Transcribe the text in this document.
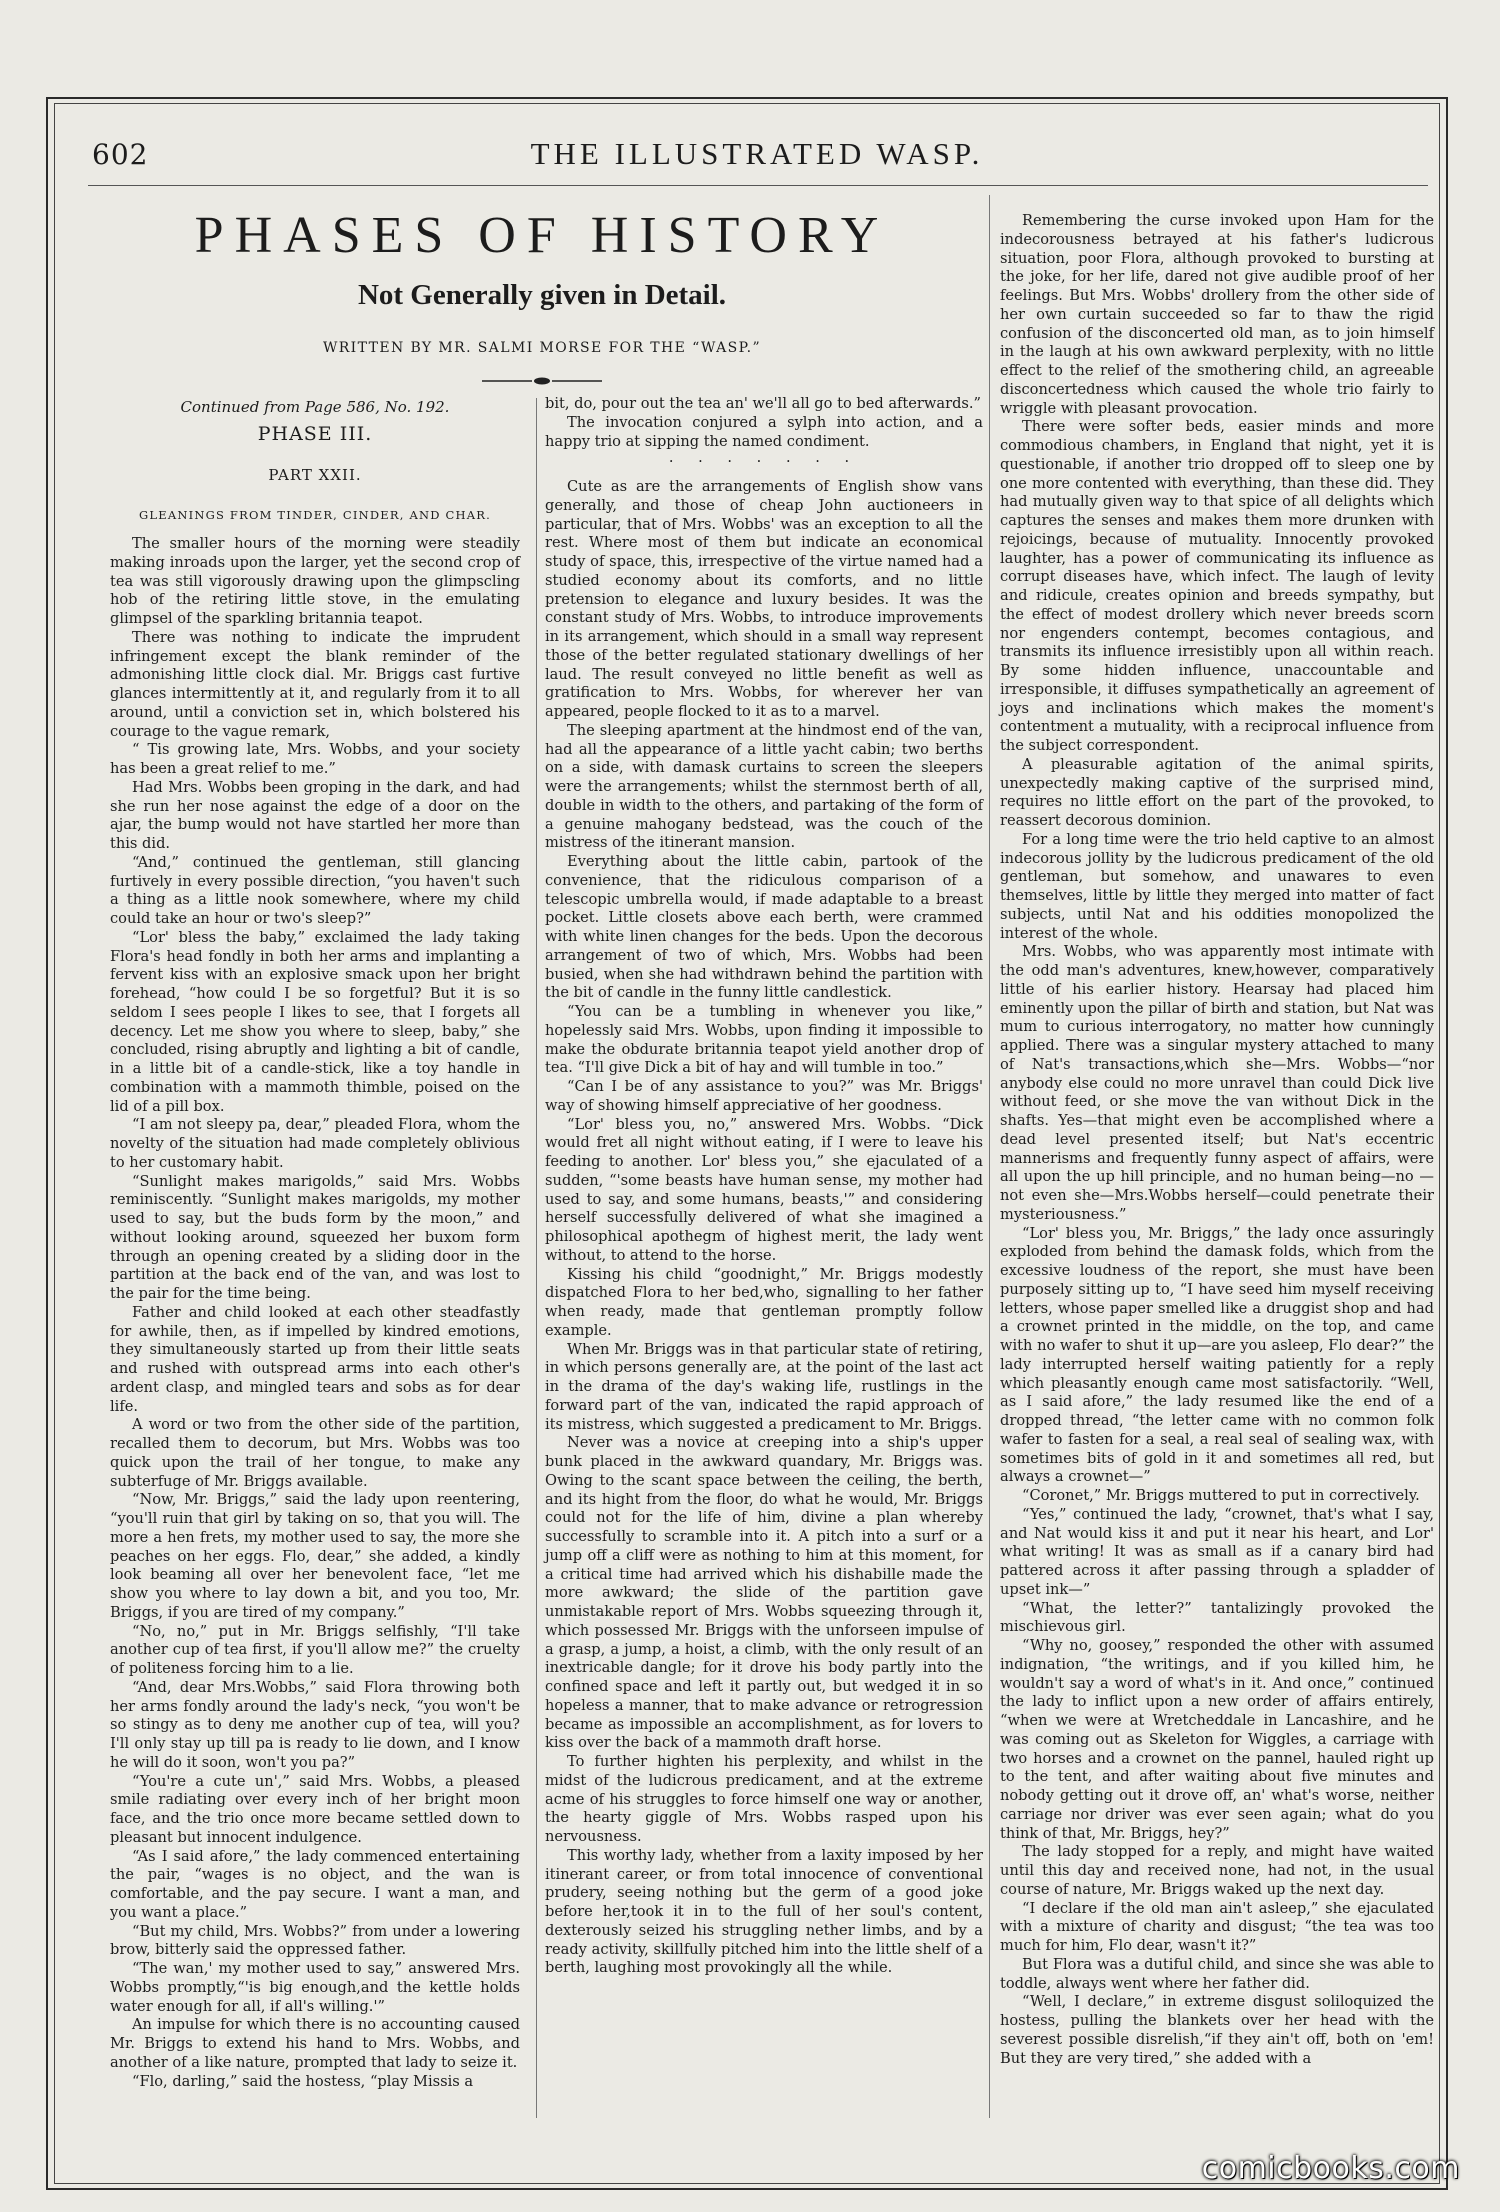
602	THE ILLUSTRATED WASP.
PHASES OF HISTORY
Not Generally given in Detail.
WRITTEN BY MR. SALMI MORSE FOR THE “WASP.”

Continued from Page 586, No. 192.

PHASE III.

PART XXII.

GLEANINGS FROM TINDER, CINDER, AND CHAR.

The smaller hours of the morning were steadily making inroads upon the larger, yet the second crop of tea was still vigorously drawing upon the glimpscling hob of the retiring little stove, in the emulating glimpsel of the sparkling britannia teapot.

There was nothing to indicate the imprudent infringement except the blank reminder of the admonishing little clock dial. Mr. Briggs cast furtive glances intermittently at it, and regularly from it to all around, until a conviction set in, which bolstered his courage to the vague remark,

“ Tis growing late, Mrs. Wobbs, and your society has been a great relief to me.”

Had Mrs. Wobbs been groping in the dark, and had she run her nose against the edge of a door on the ajar, the bump would not have startled her more than this did.

“And,” continued the gentleman, still glancing furtively in every possible direction, “you haven't such a thing as a little nook somewhere, where my child could take an hour or two's sleep?”

“Lor' bless the baby,” exclaimed the lady taking Flora's head fondly in both her arms and implanting a fervent kiss with an explosive smack upon her bright forehead, “how could I be so forgetful? But it is so seldom I sees people I likes to see, that I forgets all decency. Let me show you where to sleep, baby,” she concluded, rising abruptly and lighting a bit of candle, in a little bit of a candle-stick, like a toy handle in combination with a mammoth thimble, poised on the lid of a pill box.

“I am not sleepy pa, dear,” pleaded Flora, whom the novelty of the situation had made completely oblivious to her customary habit.

“Sunlight makes marigolds,” said Mrs. Wobbs reminiscently. “Sunlight makes marigolds, my mother used to say, but the buds form by the moon,” and without looking around, squeezed her buxom form through an opening created by a sliding door in the partition at the back end of the van, and was lost to the pair for the time being.

Father and child looked at each other steadfastly for awhile, then, as if impelled by kindred emotions, they simultaneously started up from their little seats and rushed with outspread arms into each other's ardent clasp, and mingled tears and sobs as for dear life.

A word or two from the other side of the partition, recalled them to decorum, but Mrs. Wobbs was too quick upon the trail of her tongue, to make any subterfuge of Mr. Briggs available.

“Now, Mr. Briggs,” said the lady upon reentering, “you'll ruin that girl by taking on so, that you will. The more a hen frets, my mother used to say, the more she peaches on her eggs. Flo, dear,” she added, a kindly look beaming all over her benevolent face, “let me show you where to lay down a bit, and you too, Mr. Briggs, if you are tired of my company.”

“No, no,” put in Mr. Briggs selfishly, “I'll take another cup of tea first, if you'll allow me?” the cruelty of politeness forcing him to a lie.

“And, dear Mrs.Wobbs,” said Flora throwing both her arms fondly around the lady's neck, “you won't be so stingy as to deny me another cup of tea, will you? I'll only stay up till pa is ready to lie down, and I know he will do it soon, won't you pa?”

“You're a cute un',” said Mrs. Wobbs, a pleased smile radiating over every inch of her bright moon face, and the trio once more became settled down to pleasant but innocent indulgence.

“As I said afore,” the lady commenced entertaining the pair, “wages is no object, and the wan is comfortable, and the pay secure. I want a man, and you want a place.”

“But my child, Mrs. Wobbs?” from under a lowering brow, bitterly said the oppressed father.

“The wan,' my mother used to say,” answered Mrs. Wobbs promptly,“'is big enough,and the kettle holds water enough for all, if all's willing.'”

An impulse for which there is no accounting caused Mr. Briggs to extend his hand to Mrs. Wobbs, and another of a like nature, prompted that lady to seize it.

“Flo, darling,” said the hostess, “play Missis a

bit, do, pour out the tea an' we'll all go to bed afterwards.”

The invocation conjured a sylph into action, and a happy trio at sipping the named condiment.

· · · · · · ·

Cute as are the arrangements of English show vans generally, and those of cheap John auctioneers in particular, that of Mrs. Wobbs' was an exception to all the rest. Where most of them but indicate an economical study of space, this, irrespective of the virtue named had a studied economy about its comforts, and no little pretension to elegance and luxury besides. It was the constant study of Mrs. Wobbs, to introduce improvements in its arrangement, which should in a small way represent those of the better regulated stationary dwellings of her laud. The result conveyed no little benefit as well as gratification to Mrs. Wobbs, for wherever her van appeared, people flocked to it as to a marvel.

The sleeping apartment at the hindmost end of the van, had all the appearance of a little yacht cabin; two berths on a side, with damask curtains to screen the sleepers were the arrangements; whilst the sternmost berth of all, double in width to the others, and partaking of the form of a genuine mahogany bedstead, was the couch of the mistress of the itinerant mansion.

Everything about the little cabin, partook of the convenience, that the ridiculous comparison of a telescopic umbrella would, if made adaptable to a breast pocket. Little closets above each berth, were crammed with white linen changes for the beds. Upon the decorous arrangement of two of which, Mrs. Wobbs had been busied, when she had withdrawn behind the partition with the bit of candle in the funny little candlestick.

“You can be a tumbling in whenever you like,” hopelessly said Mrs. Wobbs, upon finding it impossible to make the obdurate britannia teapot yield another drop of tea. “I'll give Dick a bit of hay and will tumble in too.”

“Can I be of any assistance to you?” was Mr. Briggs' way of showing himself appreciative of her goodness.

“Lor' bless you, no,” answered Mrs. Wobbs. “Dick would fret all night without eating, if I were to leave his feeding to another. Lor' bless you,” she ejaculated of a sudden, “'some beasts have human sense, my mother had used to say, and some humans, beasts,'” and considering herself successfully delivered of what she imagined a philosophical apothegm of highest merit, the lady went without, to attend to the horse.

Kissing his child “goodnight,” Mr. Briggs modestly dispatched Flora to her bed,who, signalling to her father when ready, made that gentleman promptly follow example.

When Mr. Briggs was in that particular state of retiring, in which persons generally are, at the point of the last act in the drama of the day's waking life, rustlings in the forward part of the van, indicated the rapid approach of its mistress, which suggested a predicament to Mr. Briggs.

Never was a novice at creeping into a ship's upper bunk placed in the awkward quandary, Mr. Briggs was. Owing to the scant space between the ceiling, the berth, and its hight from the floor, do what he would, Mr. Briggs could not for the life of him, divine a plan whereby successfully to scramble into it. A pitch into a surf or a jump off a cliff were as nothing to him at this moment, for a critical time had arrived which his dishabille made the more awkward; the slide of the partition gave unmistakable report of Mrs. Wobbs squeezing through it, which possessed Mr. Briggs with the unforseen impulse of a grasp, a jump, a hoist, a climb, with the only result of an inextricable dangle; for it drove his body partly into the confined space and left it partly out, but wedged it in so hopeless a manner, that to make advance or retrogression became as impossible an accomplishment, as for lovers to kiss over the back of a mammoth draft horse.

To further highten his perplexity, and whilst in the midst of the ludicrous predicament, and at the extreme acme of his struggles to force himself one way or another, the hearty giggle of Mrs. Wobbs rasped upon his nervousness.

This worthy lady, whether from a laxity imposed by her itinerant career, or from total innocence of conventional prudery, seeing nothing but the germ of a good joke before her,took it in to the full of her soul's content, dexterously seized his struggling nether limbs, and by a ready activity, skillfully pitched him into the little shelf of a berth, laughing most provokingly all the while.

Remembering the curse invoked upon Ham for the indecorousness betrayed at his father's ludicrous situation, poor Flora, although provoked to bursting at the joke, for her life, dared not give audible proof of her feelings. But Mrs. Wobbs' drollery from the other side of her own curtain succeeded so far to thaw the rigid confusion of the disconcerted old man, as to join himself in the laugh at his own awkward perplexity, with no little effect to the relief of the smothering child, an agreeable disconcertedness which caused the whole trio fairly to wriggle with pleasant provocation.

There were softer beds, easier minds and more commodious chambers, in England that night, yet it is questionable, if another trio dropped off to sleep one by one more contented with everything, than these did. They had mutually given way to that spice of all delights which captures the senses and makes them more drunken with rejoicings, because of mutuality. Innocently provoked laughter, has a power of communicating its influence as corrupt diseases have, which infect. The laugh of levity and ridicule, creates opinion and breeds sympathy, but the effect of modest drollery which never breeds scorn nor engenders contempt, becomes contagious, and transmits its influence irresistibly upon all within reach. By some hidden influence, unaccountable and irresponsible, it diffuses sympathetically an agreement of joys and inclinations which makes the moment's contentment a mutuality, with a reciprocal influence from the subject correspondent.

A pleasurable agitation of the animal spirits, unexpectedly making captive of the surprised mind, requires no little effort on the part of the provoked, to reassert decorous dominion.

For a long time were the trio held captive to an almost indecorous jollity by the ludicrous predicament of the old gentleman, but somehow, and unawares to even themselves, little by little they merged into matter of fact subjects, until Nat and his oddities monopolized the interest of the whole.

Mrs. Wobbs, who was apparently most intimate with the odd man's adventures, knew,however, comparatively little of his earlier history. Hearsay had placed him eminently upon the pillar of birth and station, but Nat was mum to curious interrogatory, no matter how cunningly applied. There was a singular mystery attached to many of Nat's transactions,which she—Mrs. Wobbs—“nor anybody else could no more unravel than could Dick live without feed, or she move the van without Dick in the shafts. Yes—that might even be accomplished where a dead level presented itself; but Nat's eccentric mannerisms and frequently funny aspect of affairs, were all upon the up hill principle, and no human being—no —not even she—Mrs.Wobbs herself—could penetrate their mysteriousness.”

“Lor' bless you, Mr. Briggs,” the lady once assuringly exploded from behind the damask folds, which from the excessive loudness of the report, she must have been purposely sitting up to, “I have seed him myself receiving letters, whose paper smelled like a druggist shop and had a crownet printed in the middle, on the top, and came with no wafer to shut it up—are you asleep, Flo dear?” the lady interrupted herself waiting patiently for a reply which pleasantly enough came most satisfactorily. “Well, as I said afore,” the lady resumed like the end of a dropped thread, “the letter came with no common folk wafer to fasten for a seal, a real seal of sealing wax, with sometimes bits of gold in it and sometimes all red, but always a crownet—”

“Coronet,” Mr. Briggs muttered to put in correctively.

“Yes,” continued the lady, “crownet, that's what I say, and Nat would kiss it and put it near his heart, and Lor' what writing! It was as small as if a canary bird had pattered across it after passing through a spladder of upset ink—”

“What, the letter?” tantalizingly provoked the mischievous girl.

“Why no, goosey,” responded the other with assumed indignation, “the writings, and if you killed him, he wouldn't say a word of what's in it. And once,” continued the lady to inflict upon a new order of affairs entirely, “when we were at Wretcheddale in Lancashire, and he was coming out as Skeleton for Wiggles, a carriage with two horses and a crownet on the pannel, hauled right up to the tent, and after waiting about five minutes and nobody getting out it drove off, an' what's worse, neither carriage nor driver was ever seen again; what do you think of that, Mr. Briggs, hey?”

The lady stopped for a reply, and might have waited until this day and received none, had not, in the usual course of nature, Mr. Briggs waked up the next day.

“I declare if the old man ain't asleep,” she ejaculated with a mixture of charity and disgust; “the tea was too much for him, Flo dear, wasn't it?”

But Flora was a dutiful child, and since she was able to toddle, always went where her father did.

“Well, I declare,” in extreme disgust soliloquized the hostess, pulling the blankets over her head with the severest possible disrelish,“if they ain't off, both on 'em! But they are very tired,” she added with a

comicbooks.com
